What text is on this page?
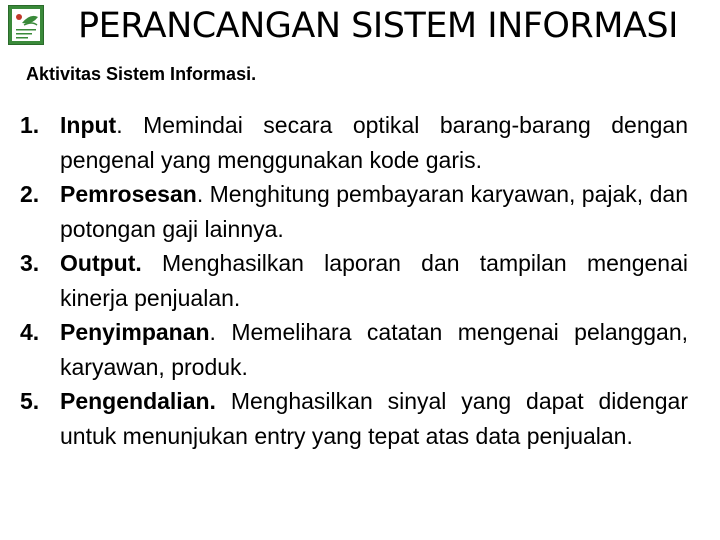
PERANCANGAN SISTEM INFORMASI
Aktivitas Sistem Informasi.
1. Input. Memindai secara optikal barang-barang dengan pengenal yang menggunakan kode garis.
2. Pemrosesan. Menghitung pembayaran karyawan, pajak, dan potongan gaji lainnya.
3. Output. Menghasilkan laporan dan tampilan mengenai kinerja penjualan.
4. Penyimpanan. Memelihara catatan mengenai pelanggan, karyawan, produk.
5. Pengendalian. Menghasilkan sinyal yang dapat didengar untuk menunjukan entry yang tepat atas data penjualan.
